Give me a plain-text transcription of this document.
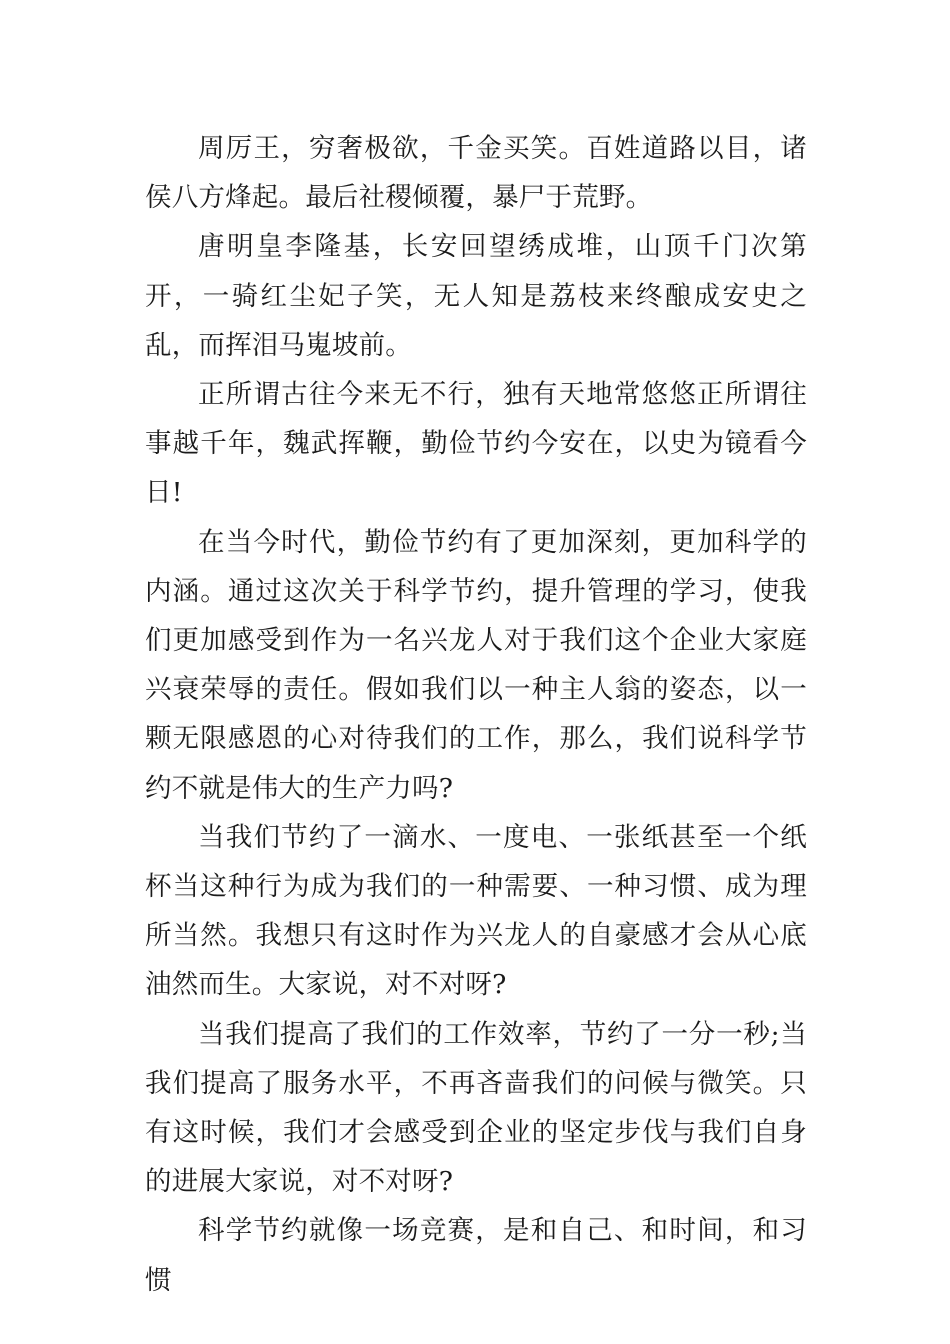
周厉王，穷奢极欲，千金买笑。百姓道路以目，诸侯八方烽起。最后社稷倾覆，暴尸于荒野。

唐明皇李隆基，长安回望绣成堆，山顶千门次第开，一骑红尘妃子笑，无人知是荔枝来终酿成安史之乱，而挥泪马嵬坡前。

正所谓古往今来无不行，独有天地常悠悠正所谓往事越千年，魏武挥鞭，勤俭节约今安在，以史为镜看今日!

在当今时代，勤俭节约有了更加深刻，更加科学的内涵。通过这次关于科学节约，提升管理的学习，使我们更加感受到作为一名兴龙人对于我们这个企业大家庭兴衰荣辱的责任。假如我们以一种主人翁的姿态，以一颗无限感恩的心对待我们的工作，那么，我们说科学节约不就是伟大的生产力吗?

当我们节约了一滴水、一度电、一张纸甚至一个纸杯当这种行为成为我们的一种需要、一种习惯、成为理所当然。我想只有这时作为兴龙人的自豪感才会从心底油然而生。大家说，对不对呀?

当我们提高了我们的工作效率，节约了一分一秒;当我们提高了服务水平，不再吝啬我们的问候与微笑。只有这时候，我们才会感受到企业的坚定步伐与我们自身的进展大家说，对不对呀?

科学节约就像一场竞赛，是和自己、和时间，和习惯
